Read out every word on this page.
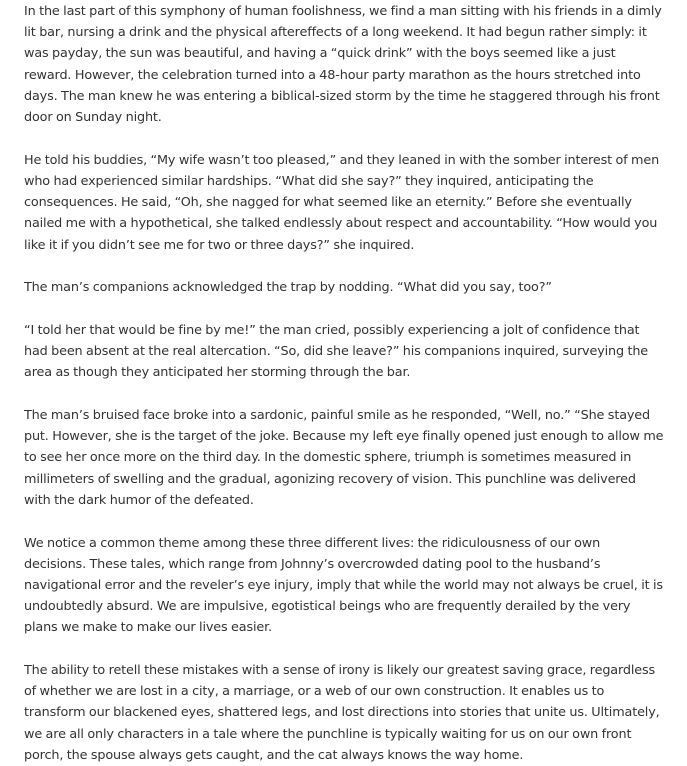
In the last part of this symphony of human foolishness, we find a man sitting with his friends in a dimly lit bar, nursing a drink and the physical aftereffects of a long weekend. It had begun rather simply: it was payday, the sun was beautiful, and having a “quick drink” with the boys seemed like a just reward. However, the celebration turned into a 48-hour party marathon as the hours stretched into days. The man knew he was entering a biblical-sized storm by the time he staggered through his front door on Sunday night.

He told his buddies, “My wife wasn’t too pleased,” and they leaned in with the somber interest of men who had experienced similar hardships. “What did she say?” they inquired, anticipating the consequences. He said, “Oh, she nagged for what seemed like an eternity.” Before she eventually nailed me with a hypothetical, she talked endlessly about respect and accountability. “How would you like it if you didn’t see me for two or three days?” she inquired.

The man’s companions acknowledged the trap by nodding. “What did you say, too?”

“I told her that would be fine by me!” the man cried, possibly experiencing a jolt of confidence that had been absent at the real altercation. “So, did she leave?” his companions inquired, surveying the area as though they anticipated her storming through the bar.

The man’s bruised face broke into a sardonic, painful smile as he responded, “Well, no.” “She stayed put. However, she is the target of the joke. Because my left eye finally opened just enough to allow me to see her once more on the third day. In the domestic sphere, triumph is sometimes measured in millimeters of swelling and the gradual, agonizing recovery of vision. This punchline was delivered with the dark humor of the defeated.

We notice a common theme among these three different lives: the ridiculousness of our own decisions. These tales, which range from Johnny’s overcrowded dating pool to the husband’s navigational error and the reveler’s eye injury, imply that while the world may not always be cruel, it is undoubtedly absurd. We are impulsive, egotistical beings who are frequently derailed by the very plans we make to make our lives easier.

The ability to retell these mistakes with a sense of irony is likely our greatest saving grace, regardless of whether we are lost in a city, a marriage, or a web of our own construction. It enables us to transform our blackened eyes, shattered legs, and lost directions into stories that unite us. Ultimately, we are all only characters in a tale where the punchline is typically waiting for us on our own front porch, the spouse always gets caught, and the cat always knows the way home.
